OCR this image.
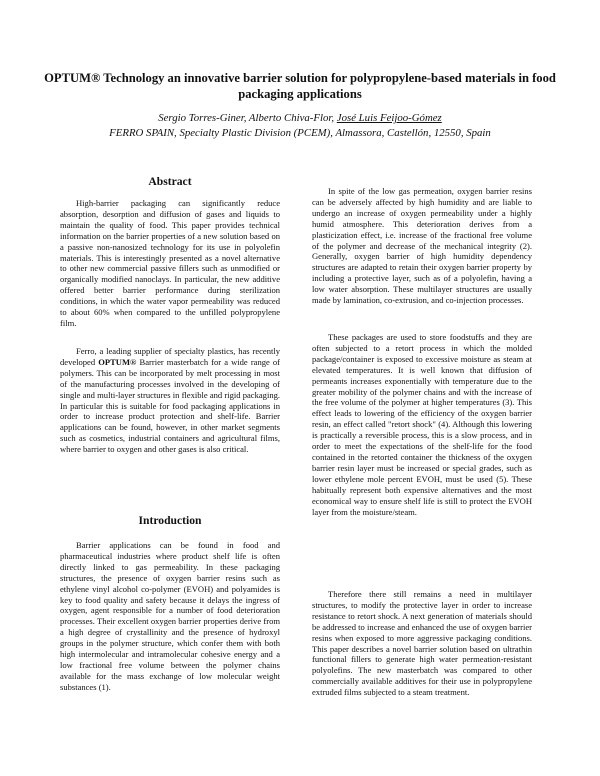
OPTUM® Technology an innovative barrier solution for polypropylene-based materials in food packaging applications
Sergio Torres-Giner, Alberto Chiva-Flor, José Luis Feijoo-Gómez
FERRO SPAIN, Specialty Plastic Division (PCEM), Almassora, Castellón, 12550, Spain
Abstract

High-barrier packaging can significantly reduce absorption, desorption and diffusion of gases and liquids to maintain the quality of food. This paper provides technical information on the barrier properties of a new solution based on a passive non-nanosized technology for its use in polyolefin materials. This is interestingly presented as a novel alternative to other new commercial passive fillers such as unmodified or organically modified nanoclays. In particular, the new additive offered better barrier performance during sterilization conditions, in which the water vapor permeability was reduced to about 60% when compared to the unfilled polypropylene film.

Ferro, a leading supplier of specialty plastics, has recently developed OPTUM® Barrier masterbatch for a wide range of polymers. This can be incorporated by melt processing in most of the manufacturing processes involved in the developing of single and multi-layer structures in flexible and rigid packaging. In particular this is suitable for food packaging applications in order to increase product protection and shelf-life. Barrier applications can be found, however, in other market segments such as cosmetics, industrial containers and agricultural films, where barrier to oxygen and other gases is also critical.

Introduction

Barrier applications can be found in food and pharmaceutical industries where product shelf life is often directly linked to gas permeability. In these packaging structures, the presence of oxygen barrier resins such as ethylene vinyl alcohol co-polymer (EVOH) and polyamides is key to food quality and safety because it delays the ingress of oxygen, agent responsible for a number of food deterioration processes. Their excellent oxygen barrier properties derive from a high degree of crystallinity and the presence of hydroxyl groups in the polymer structure, which confer them with both high intermolecular and intramolecular cohesive energy and a low fractional free volume between the polymer chains available for the mass exchange of low molecular weight substances (1).

In spite of the low gas permeation, oxygen barrier resins can be adversely affected by high humidity and are liable to undergo an increase of oxygen permeability under a highly humid atmosphere. This deterioration derives from a plasticization effect, i.e. increase of the fractional free volume of the polymer and decrease of the mechanical integrity (2). Generally, oxygen barrier of high humidity dependency structures are adapted to retain their oxygen barrier property by including a protective layer, such as of a polyolefin, having a low water absorption. These multilayer structures are usually made by lamination, co-extrusion, and co-injection processes.

These packages are used to store foodstuffs and they are often subjected to a retort process in which the molded package/container is exposed to excessive moisture as steam at elevated temperatures. It is well known that diffusion of permeants increases exponentially with temperature due to the greater mobility of the polymer chains and with the increase of the free volume of the polymer at higher temperatures (3). This effect leads to lowering of the efficiency of the oxygen barrier resin, an effect called "retort shock" (4). Although this lowering is practically a reversible process, this is a slow process, and in order to meet the expectations of the shelf-life for the food contained in the retorted container the thickness of the oxygen barrier resin layer must be increased or special grades, such as lower ethylene mole percent EVOH, must be used (5). These habitually represent both expensive alternatives and the most economical way to ensure shelf life is still to protect the EVOH layer from the moisture/steam.

Therefore there still remains a need in multilayer structures, to modify the protective layer in order to increase resistance to retort shock. A next generation of materials should be addressed to increase and enhanced the use of oxygen barrier resins when exposed to more aggressive packaging conditions. This paper describes a novel barrier solution based on ultrathin functional fillers to generate high water permeation-resistant polyolefins. The new masterbatch was compared to other commercially available additives for their use in polypropylene extruded films subjected to a steam treatment.
